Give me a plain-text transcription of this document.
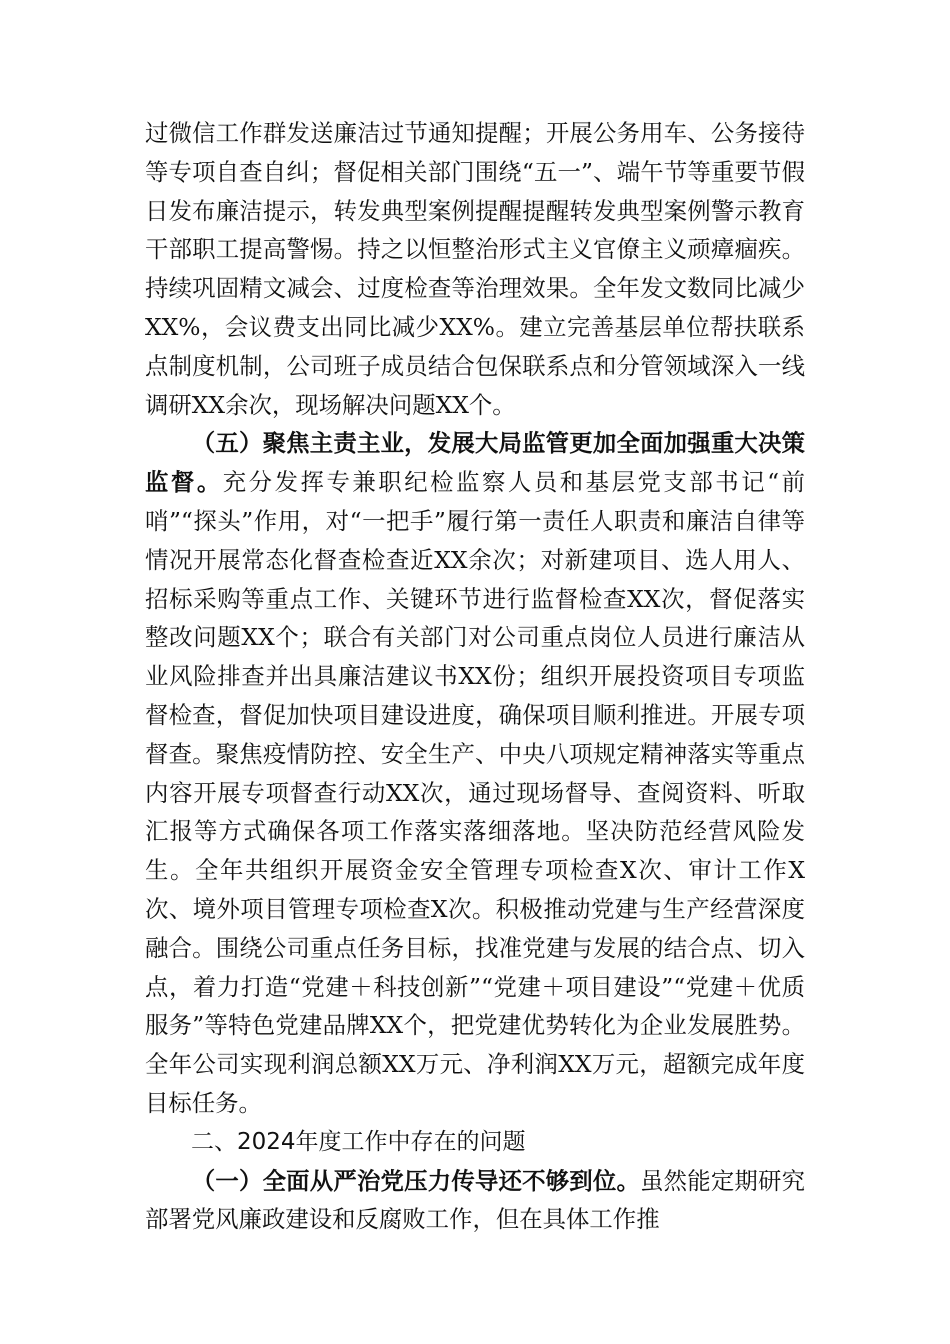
过微信工作群发送廉洁过节通知提醒；开展公务用车、公务接待等专项自查自纠；督促相关部门围绕“五一”、端午节等重要节假日发布廉洁提示，转发典型案例提醒提醒转发典型案例警示教育干部职工提高警惕。持之以恒整治形式主义官僚主义顽瘴痼疾。持续巩固精文减会、过度检查等治理效果。全年发文数同比减少XX%，会议费支出同比减少XX%。建立完善基层单位帮扶联系点制度机制，公司班子成员结合包保联系点和分管领域深入一线调研XX余次，现场解决问题XX个。

（五）聚焦主责主业，发展大局监管更加全面加强重大决策监督。充分发挥专兼职纪检监察人员和基层党支部书记“前哨”“探头”作用，对“一把手”履行第一责任人职责和廉洁自律等情况开展常态化督查检查近XX余次；对新建项目、选人用人、招标采购等重点工作、关键环节进行监督检查XX次，督促落实整改问题XX个；联合有关部门对公司重点岗位人员进行廉洁从业风险排查并出具廉洁建议书XX份；组织开展投资项目专项监督检查，督促加快项目建设进度，确保项目顺利推进。开展专项督查。聚焦疫情防控、安全生产、中央八项规定精神落实等重点内容开展专项督查行动XX次，通过现场督导、查阅资料、听取汇报等方式确保各项工作落实落细落地。坚决防范经营风险发生。全年共组织开展资金安全管理专项检查X次、审计工作X次、境外项目管理专项检查X次。积极推动党建与生产经营深度融合。围绕公司重点任务目标，找准党建与发展的结合点、切入点，着力打造“党建＋科技创新”“党建＋项目建设”“党建＋优质服务”等特色党建品牌XX个，把党建优势转化为企业发展胜势。全年公司实现利润总额XX万元、净利润XX万元，超额完成年度目标任务。

二、2024年度工作中存在的问题

（一）全面从严治党压力传导还不够到位。虽然能定期研究部署党风廉政建设和反腐败工作，但在具体工作推
